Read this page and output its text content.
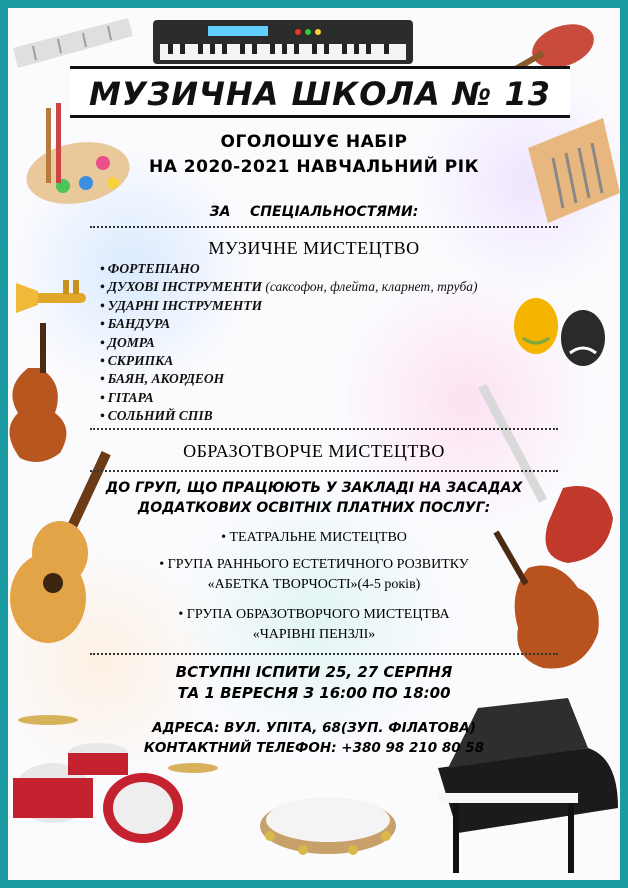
МУЗИЧНА ШКОЛА № 13

ОГОЛОШУЄ НАБІР

НА 2020-2021 НАВЧАЛЬНИЙ РІК

ЗА СПЕЦІАЛЬНОСТЯМИ:

МУЗИЧНЕ МИСТЕЦТВО

• ФОРТЕПІАНО
• ДУХОВІ ІНСТРУМЕНТИ (саксофон, флейта, кларнет, труба)
• УДАРНІ ІНСТРУМЕНТИ
• БАНДУРА
• ДОМРА
• СКРИПКА
• БАЯН, АКОРДЕОН
• ГІТАРА
• СОЛЬНИЙ СПІВ

ОБРАЗОТВОРЧЕ МИСТЕЦТВО

ДО ГРУП, ЩО ПРАЦЮЮТЬ У ЗАКЛАДІ НА ЗАСАДАХ

ДОДАТКОВИХ ОСВІТНІХ ПЛАТНИХ ПОСЛУГ:

• ТЕАТРАЛЬНЕ МИСТЕЦТВО

• ГРУПА РАННЬОГО ЕСТЕТИЧНОГО РОЗВИТКУ

«АБЕТКА ТВОРЧОСТІ»(4-5 років)

• ГРУПА ОБРАЗОТВОРЧОГО МИСТЕЦТВА

«ЧАРІВНІ ПЕНЗЛІ»

ВСТУПНІ ІСПИТИ 25, 27 СЕРПНЯ

ТА 1 ВЕРЕСНЯ З 16:00 ПО 18:00

АДРЕСА: ВУЛ. УПІТА, 68(ЗУП. ФІЛАТОВА)

КОНТАКТНИЙ ТЕЛЕФОН: +380 98 210 80 58
